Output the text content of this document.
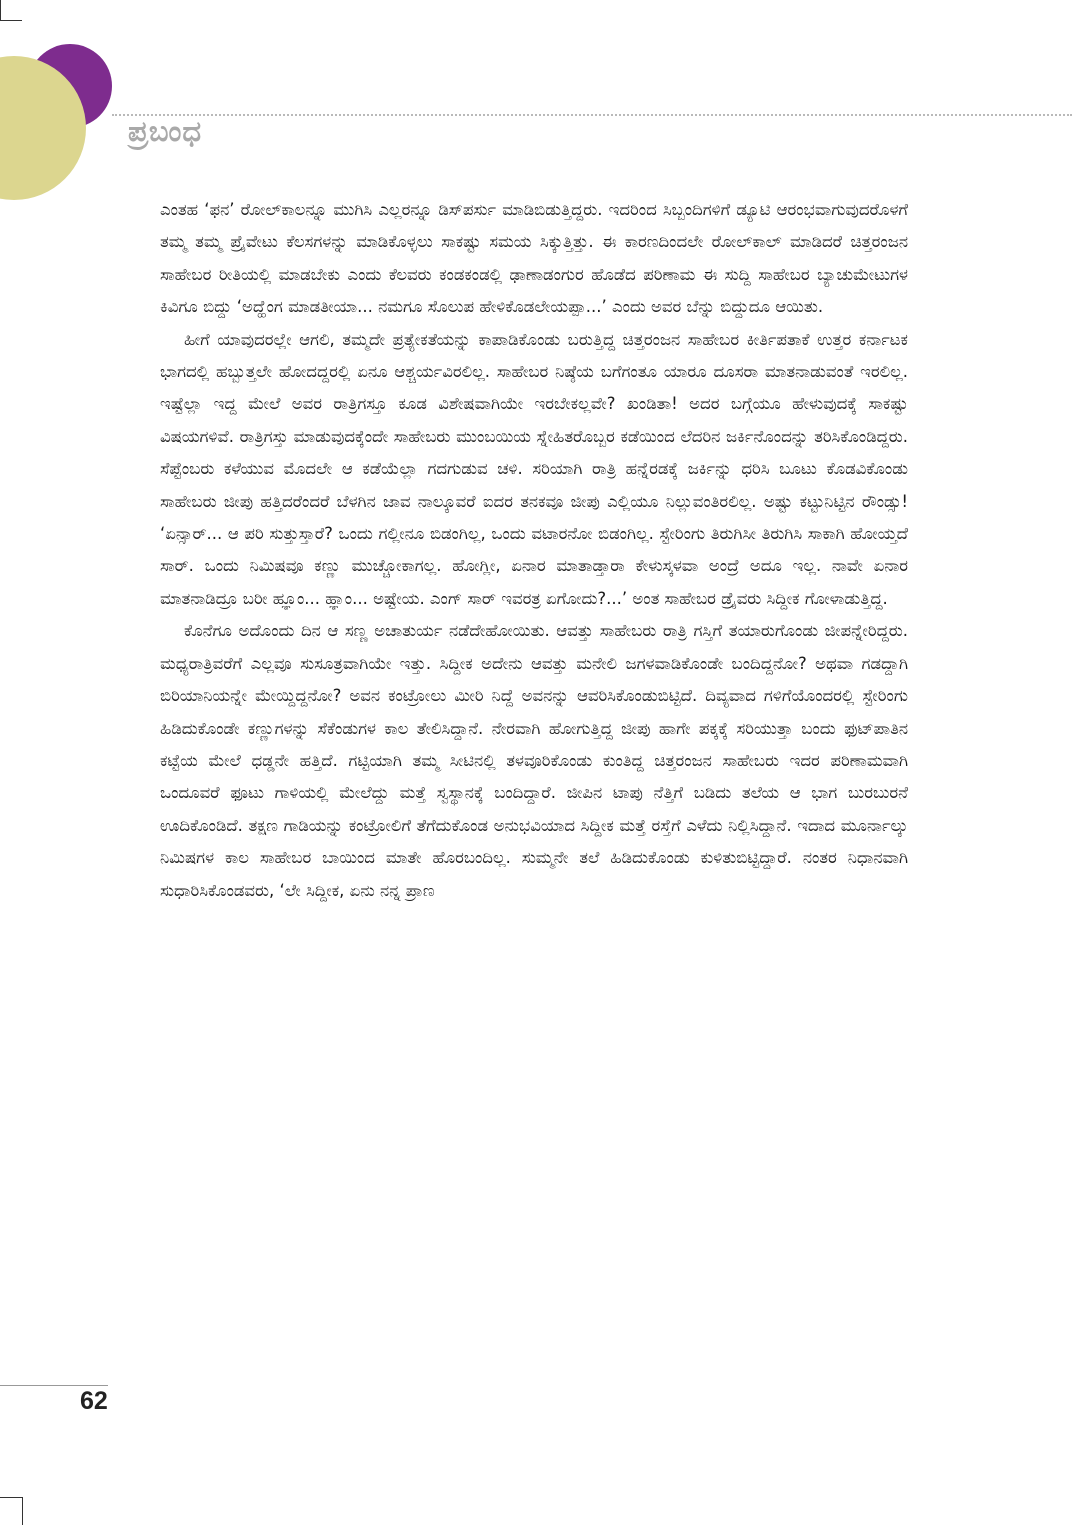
ಪ್ರಬಂಧ

ಎಂತಹ ‘ಫನ’ ರೋಲ್‌ಕಾಲನ್ನೂ ಮುಗಿಸಿ ಎಲ್ಲರನ್ನೂ ಡಿಸ್‌ಪರ್ಸು ಮಾಡಿಬಿಡುತ್ತಿದ್ದರು. ಇದರಿಂದ ಸಿಬ್ಬಂದಿಗಳಿಗೆ ಡ್ಯೂಟಿ ಆರಂಭವಾಗುವುದರೊಳಗೆ ತಮ್ಮ ತಮ್ಮ ಪ್ರೈವೇಟು ಕೆಲಸಗಳನ್ನು ಮಾಡಿಕೊಳ್ಳಲು ಸಾಕಷ್ಟು ಸಮಯ ಸಿಕ್ಕುತ್ತಿತ್ತು. ಈ ಕಾರಣದಿಂದಲೇ ರೋಲ್‌ಕಾಲ್ ಮಾಡಿದರೆ ಚಿತ್ತರಂಜನ ಸಾಹೇಬರ ರೀತಿಯಲ್ಲಿ ಮಾಡಬೇಕು ಎಂದು ಕೆಲವರು ಕಂಡಕಂಡಲ್ಲಿ ಢಾಣಾಡಂಗುರ ಹೊಡೆದ ಪರಿಣಾಮ ಈ ಸುದ್ದಿ ಸಾಹೇಬರ ಬ್ಯಾಚುಮೇಟುಗಳ ಕಿವಿಗೂ ಬಿದ್ದು ‘ಅದ್ಹೆಂಗ ಮಾಡತೀಯಾ... ನಮಗೂ ಸೊಲುಪ ಹೇಳಿಕೊಡಲೇಯಪ್ಪಾ...’ ಎಂದು ಅವರ ಬೆನ್ನು ಬಿದ್ದುದೂ ಆಯಿತು.

ಹೀಗೆ ಯಾವುದರಲ್ಲೇ ಆಗಲಿ, ತಮ್ಮದೇ ಪ್ರತ್ಯೇಕತೆಯನ್ನು ಕಾಪಾಡಿಕೊಂಡು ಬರುತ್ತಿದ್ದ ಚಿತ್ತರಂಜನ ಸಾಹೇಬರ ಕೀರ್ತಿಪತಾಕೆ ಉತ್ತರ ಕರ್ನಾಟಕ ಭಾಗದಲ್ಲಿ ಹಬ್ಬುತ್ತಲೇ ಹೋದದ್ದರಲ್ಲಿ ಏನೂ ಆಶ್ಚರ್ಯವಿರಲಿಲ್ಲ. ಸಾಹೇಬರ ನಿಷ್ಠೆಯ ಬಗೆಗಂತೂ ಯಾರೂ ದೂಸರಾ ಮಾತನಾಡುವಂತೆ ಇರಲಿಲ್ಲ. ಇಷ್ಟೆಲ್ಲಾ ಇದ್ದ ಮೇಲೆ ಅವರ ರಾತ್ರಿಗಸ್ತೂ ಕೂಡ ವಿಶೇಷವಾಗಿಯೇ ಇರಬೇಕಲ್ಲವೇ? ಖಂಡಿತಾ! ಅದರ ಬಗ್ಗೆಯೂ ಹೇಳುವುದಕ್ಕೆ ಸಾಕಷ್ಟು ವಿಷಯಗಳಿವೆ. ರಾತ್ರಿಗಸ್ತು ಮಾಡುವುದಕ್ಕೆಂದೇ ಸಾಹೇಬರು ಮುಂಬಯಿಯ ಸ್ನೇಹಿತರೊಬ್ಬರ ಕಡೆಯಿಂದ ಲೆದರಿನ ಜರ್ಕಿನೊಂದನ್ನು ತರಿಸಿಕೊಂಡಿದ್ದರು. ಸೆಪ್ಟೆಂಬರು ಕಳೆಯುವ ಮೊದಲೇ ಆ ಕಡೆಯೆಲ್ಲಾ ಗದಗುಡುವ ಚಳಿ. ಸರಿಯಾಗಿ ರಾತ್ರಿ ಹನ್ನೆರಡಕ್ಕೆ ಜರ್ಕಿನ್ನು ಧರಿಸಿ ಬೂಟು ಕೊಡವಿಕೊಂಡು ಸಾಹೇಬರು ಜೀಪು ಹತ್ತಿದರೆಂದರೆ ಬೆಳಗಿನ ಜಾವ ನಾಲ್ಕೂವರೆ ಐದರ ತನಕವೂ ಜೀಪು ಎಲ್ಲಿಯೂ ನಿಲ್ಲುವಂತಿರಲಿಲ್ಲ. ಅಷ್ಟು ಕಟ್ಟುನಿಟ್ಟಿನ ರೌಂಡ್ಸು! ‘ಏನ್ಸಾರ್... ಆ ಪರಿ ಸುತ್ತುಸ್ತಾರೆ? ಒಂದು ಗಲ್ಲೀನೂ ಬಿಡಂಗಿಲ್ಲ, ಒಂದು ವಟಾರನೋ ಬಿಡಂಗಿಲ್ಲ. ಸ್ಟೇರಿಂಗು ತಿರುಗಿಸೀ ತಿರುಗಿಸಿ ಸಾಕಾಗಿ ಹೋಯ್ತದೆ ಸಾರ್. ಒಂದು ನಿಮಿಷವೂ ಕಣ್ಣು ಮುಚ್ಚೋಕಾಗಲ್ಲ. ಹೋಗ್ಲೀ, ಏನಾರ ಮಾತಾಡ್ತಾರಾ ಕೇಳುಸ್ಕಳವಾ ಅಂದ್ರೆ ಅದೂ ಇಲ್ಲ. ನಾವೇ ಏನಾರ ಮಾತನಾಡಿದ್ರೂ ಬರೀ ಹ್ಞೂಂ... ಹ್ಞಾಂ... ಅಷ್ಟೇಯ. ಎಂಗ್ ಸಾರ್ ಇವರತ್ರ ಏಗೋದು?...’ ಅಂತ ಸಾಹೇಬರ ಡ್ರೈವರು ಸಿದ್ದೀಕ ಗೋಳಾಡುತ್ತಿದ್ದ.

ಕೊನೆಗೂ ಅದೊಂದು ದಿನ ಆ ಸಣ್ಣ ಅಚಾತುರ್ಯ ನಡೆದೇಹೋಯಿತು. ಆವತ್ತು ಸಾಹೇಬರು ರಾತ್ರಿ ಗಸ್ತಿಗೆ ತಯಾರುಗೊಂಡು ಜೀಪನ್ನೇರಿದ್ದರು. ಮಧ್ಯರಾತ್ರಿವರೆಗೆ ಎಲ್ಲವೂ ಸುಸೂತ್ರವಾಗಿಯೇ ಇತ್ತು. ಸಿದ್ದೀಕ ಅದೇನು ಆವತ್ತು ಮನೇಲಿ ಜಗಳವಾಡಿಕೊಂಡೇ ಬಂದಿದ್ದನೋ? ಅಥವಾ ಗಡದ್ದಾಗಿ ಬಿರಿಯಾನಿಯನ್ನೇ ಮೇಯ್ದಿದ್ದನೋ? ಅವನ ಕಂಟ್ರೋಲು ಮೀರಿ ನಿದ್ದೆ ಅವನನ್ನು ಆವರಿಸಿಕೊಂಡುಬಿಟ್ಟಿದೆ. ದಿವ್ಯವಾದ ಗಳಿಗೆಯೊಂದರಲ್ಲಿ ಸ್ಟೇರಿಂಗು ಹಿಡಿದುಕೊಂಡೇ ಕಣ್ಣುಗಳನ್ನು ಸೆಕೆಂಡುಗಳ ಕಾಲ ತೇಲಿಸಿದ್ದಾನೆ. ನೇರವಾಗಿ ಹೋಗುತ್ತಿದ್ದ ಜೀಪು ಹಾಗೇ ಪಕ್ಕಕ್ಕೆ ಸರಿಯುತ್ತಾ ಬಂದು ಫುಟ್‌ಪಾತಿನ ಕಟ್ಟೆಯ ಮೇಲೆ ಧಡ್ಡನೇ ಹತ್ತಿದೆ. ಗಟ್ಟಿಯಾಗಿ ತಮ್ಮ ಸೀಟಿನಲ್ಲಿ ತಳವೂರಿಕೊಂಡು ಕುಂತಿದ್ದ ಚಿತ್ತರಂಜನ ಸಾಹೇಬರು ಇದರ ಪರಿಣಾಮವಾಗಿ ಒಂದೂವರೆ ಫೂಟು ಗಾಳಿಯಲ್ಲಿ ಮೇಲೆದ್ದು ಮತ್ತೆ ಸ್ವಸ್ಥಾನಕ್ಕೆ ಬಂದಿದ್ದಾರೆ. ಜೀಪಿನ ಟಾಪು ನೆತ್ತಿಗೆ ಬಡಿದು ತಲೆಯ ಆ ಭಾಗ ಬುರಬುರನೆ ಊದಿಕೊಂಡಿದೆ. ತಕ್ಷಣ ಗಾಡಿಯನ್ನು ಕಂಟ್ರೋಲಿಗೆ ತೆಗೆದುಕೊಂಡ ಅನುಭವಿಯಾದ ಸಿದ್ದೀಕ ಮತ್ತೆ ರಸ್ತೆಗೆ ಎಳೆದು ನಿಲ್ಲಿಸಿದ್ದಾನೆ. ಇದಾದ ಮೂರ್ನಾಲ್ಕು ನಿಮಿಷಗಳ ಕಾಲ ಸಾಹೇಬರ ಬಾಯಿಂದ ಮಾತೇ ಹೊರಬಂದಿಲ್ಲ. ಸುಮ್ಮನೇ ತಲೆ ಹಿಡಿದುಕೊಂಡು ಕುಳಿತುಬಿಟ್ಟಿದ್ದಾರೆ. ನಂತರ ನಿಧಾನವಾಗಿ ಸುಧಾರಿಸಿಕೊಂಡವರು, ‘ಲೇ ಸಿದ್ದೀಕ, ಏನು ನನ್ನ ಪ್ರಾಣ

62
